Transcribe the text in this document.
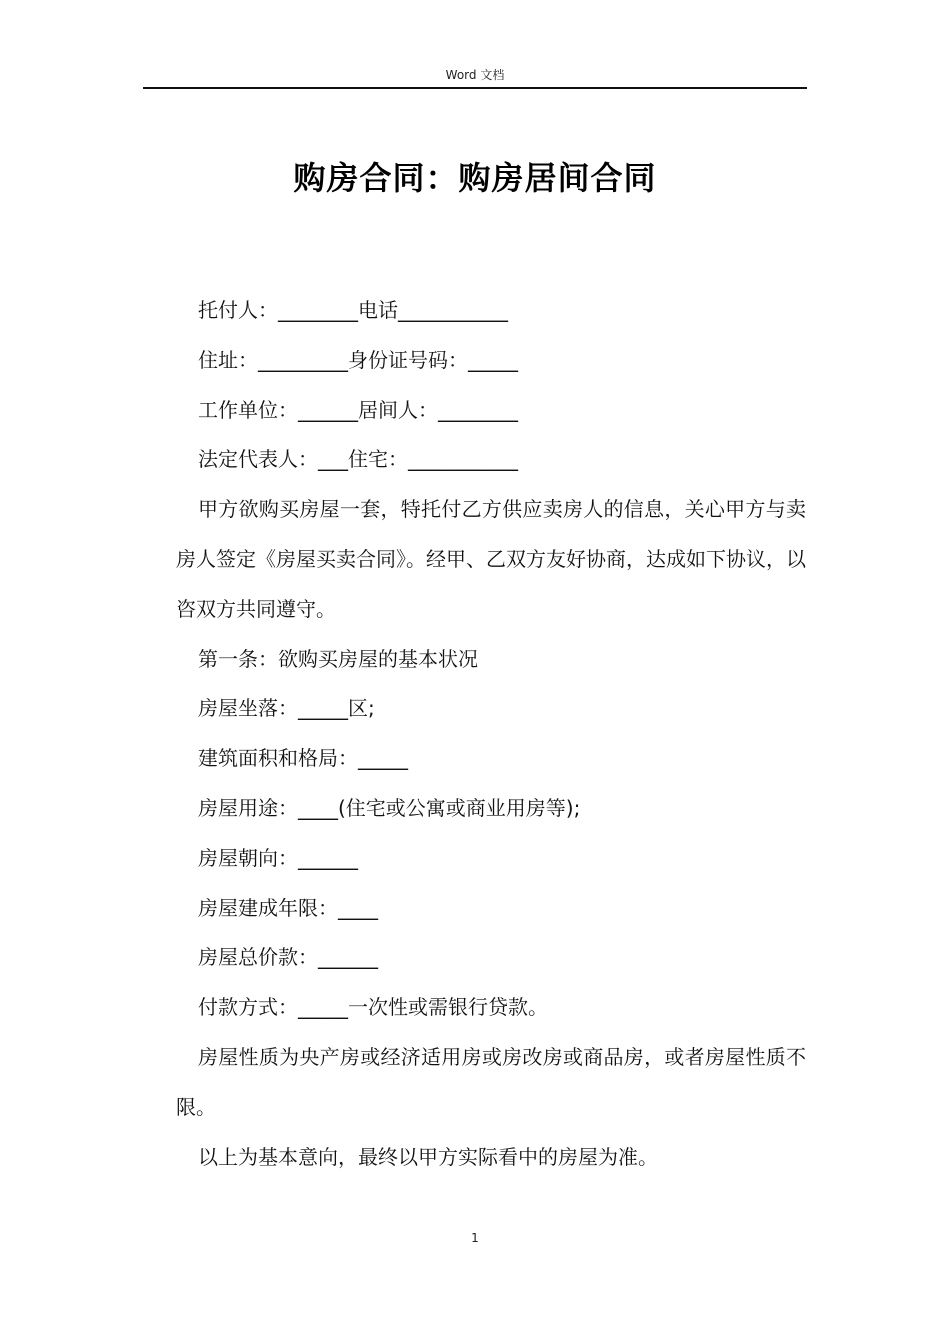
Word 文档
购房合同：购房居间合同

托付人：________电话___________

住址：_________身份证号码：_____

工作单位：______居间人：________

法定代表人：___住宅：___________

甲方欲购买房屋一套，特托付乙方供应卖房人的信息，关心甲方与卖房人签定《房屋买卖合同》。经甲、乙双方友好协商，达成如下协议，以咨双方共同遵守。

第一条：欲购买房屋的基本状况

房屋坐落：_____区;

建筑面积和格局：_____

房屋用途：____(住宅或公寓或商业用房等);

房屋朝向：______

房屋建成年限：____

房屋总价款：______

付款方式：_____一次性或需银行贷款。

房屋性质为央产房或经济适用房或房改房或商品房，或者房屋性质不限。

以上为基本意向，最终以甲方实际看中的房屋为准。

1
